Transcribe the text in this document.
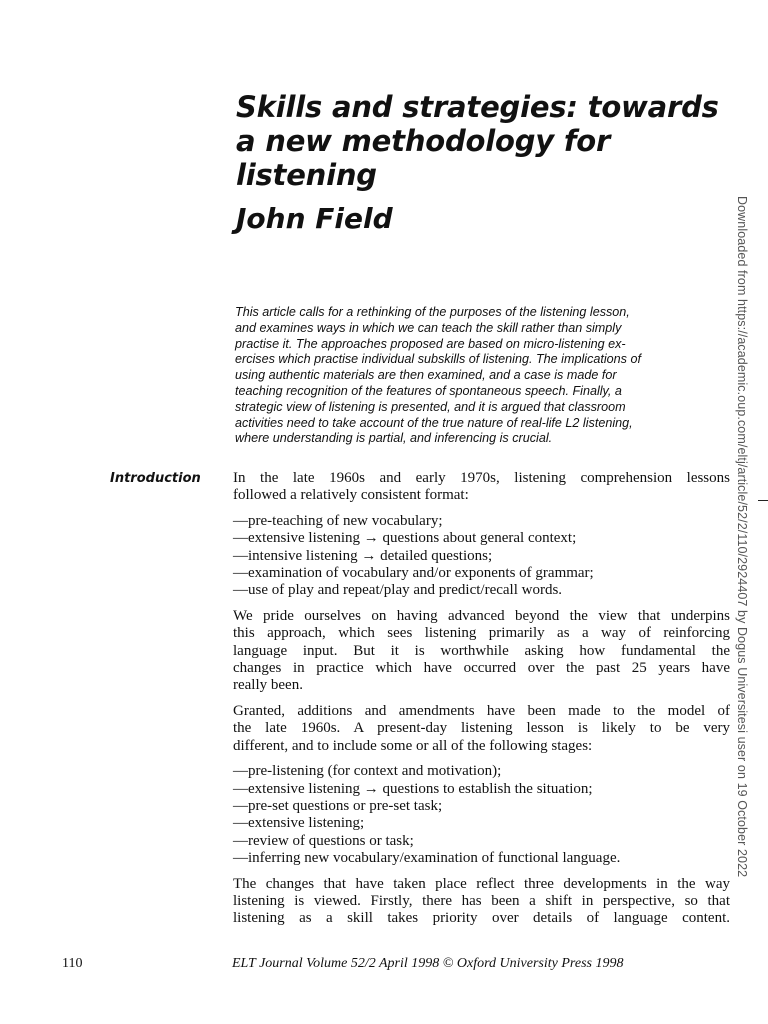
Skills and strategies: towards
a new methodology for
listening
John Field
This article calls for a rethinking of the purposes of the listening lesson,
and examines ways in which we can teach the skill rather than simply
practise it. The approaches proposed are based on micro-listening ex-
ercises which practise individual subskills of listening. The implications of
using authentic materials are then examined, and a case is made for
teaching recognition of the features of spontaneous speech. Finally, a
strategic view of listening is presented, and it is argued that classroom
activities need to take account of the true nature of real-life L2 listening,
where understanding is partial, and inferencing is crucial.
Introduction In the late 1960s and early 1970s, listening comprehension lessons
followed a relatively consistent format:

—pre-teaching of new vocabulary;
—extensive listening → questions about general context;
—intensive listening → detailed questions;
—examination of vocabulary and/or exponents of grammar;
—use of play and repeat/play and predict/recall words.

We pride ourselves on having advanced beyond the view that underpins
this approach, which sees listening primarily as a way of reinforcing
language input. But it is worthwhile asking how fundamental the
changes in practice which have occurred over the past 25 years have
really been.

Granted, additions and amendments have been made to the model of
the late 1960s. A present-day listening lesson is likely to be very
different, and to include some or all of the following stages:

—pre-listening (for context and motivation);
—extensive listening → questions to establish the situation;
—pre-set questions or pre-set task;
—extensive listening;
—review of questions or task;
—inferring new vocabulary/examination of functional language.

The changes that have taken place reflect three developments in the way
listening is viewed. Firstly, there has been a shift in perspective, so that
listening as a skill takes priority over details of language content.

110	ELT Journal Volume 52/2 April 1998 © Oxford University Press 1998
Downloaded from https://academic.oup.com/eltj/article/52/2/110/2924407 by Dogus Universitesi user on 19 October 2022
